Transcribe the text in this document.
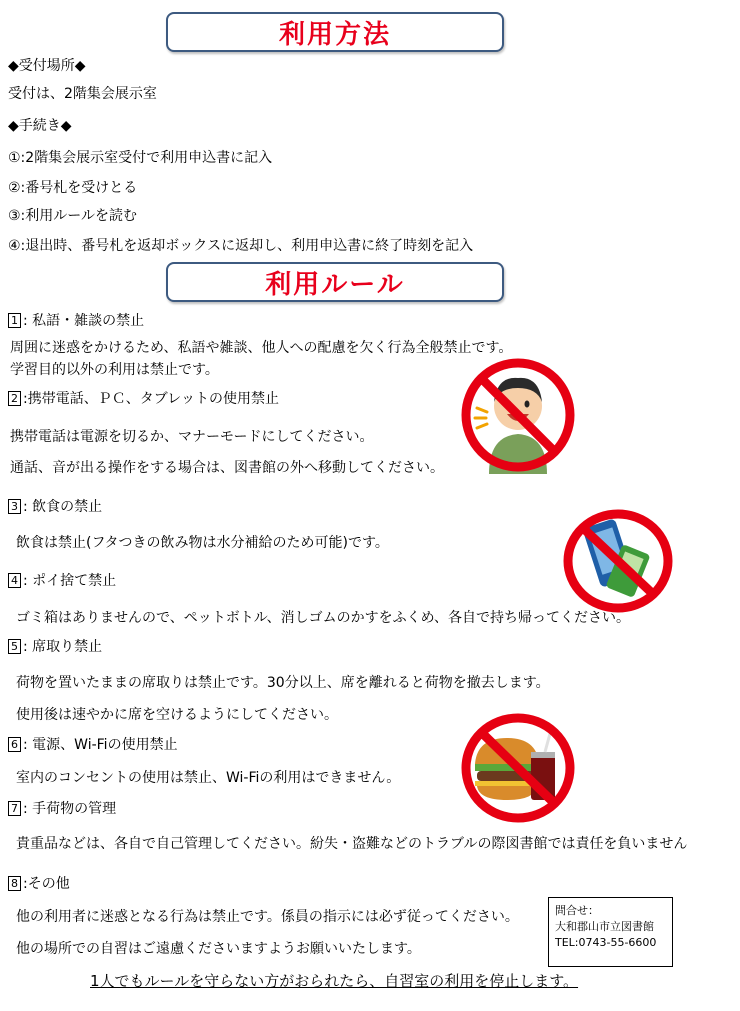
利用方法
◆受付場所◆
受付は、2階集会展示室
◆手続き◆
①:2階集会展示室受付で利用申込書に記入
②:番号札を受けとる
③:利用ルールを読む
④:退出時、番号札を返却ボックスに返却し、利用申込書に終了時刻を記入
利用ルール
1 : 私語・雑談の禁止
周囲に迷惑をかけるため、私語や雑談、他人への配慮を欠く行為全般禁止です。
学習目的以外の利用は禁止です。
2 :携帯電話、ＰＣ、タブレットの使用禁止
携帯電話は電源を切るか、マナーモードにしてください。
通話、音が出る操作をする場合は、図書館の外へ移動してください。
3 : 飲食の禁止
飲食は禁止(フタつきの飲み物は水分補給のため可能)です。
4 : ポイ捨て禁止
ゴミ箱はありませんので、ペットボトル、消しゴムのかすをふくめ、各自で持ち帰ってください。
5 : 席取り禁止
荷物を置いたままの席取りは禁止です。30分以上、席を離れると荷物を撤去します。
使用後は速やかに席を空けるようにしてください。
6 : 電源、Wi-Fiの使用禁止
室内のコンセントの使用は禁止、Wi-Fiの利用はできません。
7 : 手荷物の管理
貴重品などは、各自で自己管理してください。紛失・盗難などのトラブルの際図書館では責任を負いません
8 :その他
他の利用者に迷惑となる行為は禁止です。係員の指示には必ず従ってください。
他の場所での自習はご遠慮くださいますようお願いいたします。
問合せ：
大和郡山市立図書館
TEL:0743-55-6600
1人でもルールを守らない方がおられたら、自習室の利用を停止します。
